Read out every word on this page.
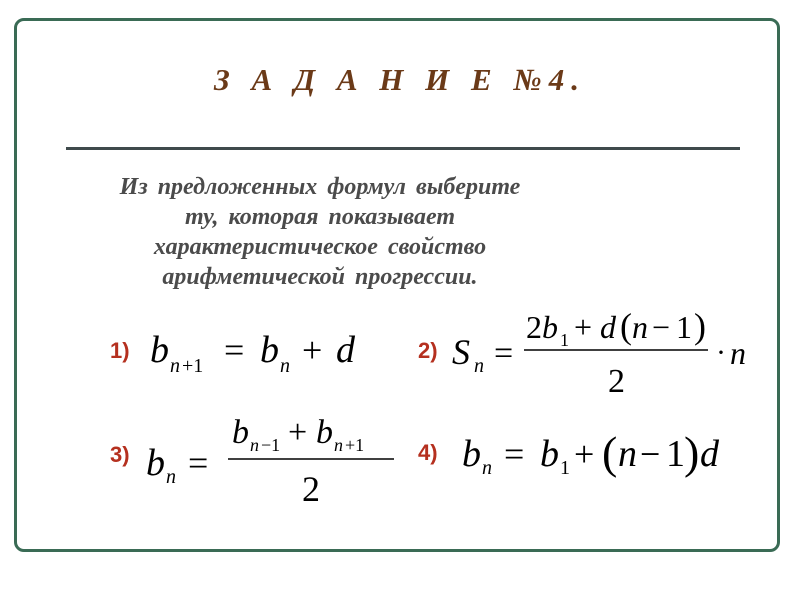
З А Д А Н И Е №4.
Из предложенных формул выберите
ту, которая показывает
характеристическое свойство
арифметической прогрессии.
1) b n +1 = b n + d	2) S n =
2 b 1 + d ( n − 1 )
2
· n
3) b n =
b n −1 + b n +1
2
4) b n = b 1 + ( n − 1 ) d
